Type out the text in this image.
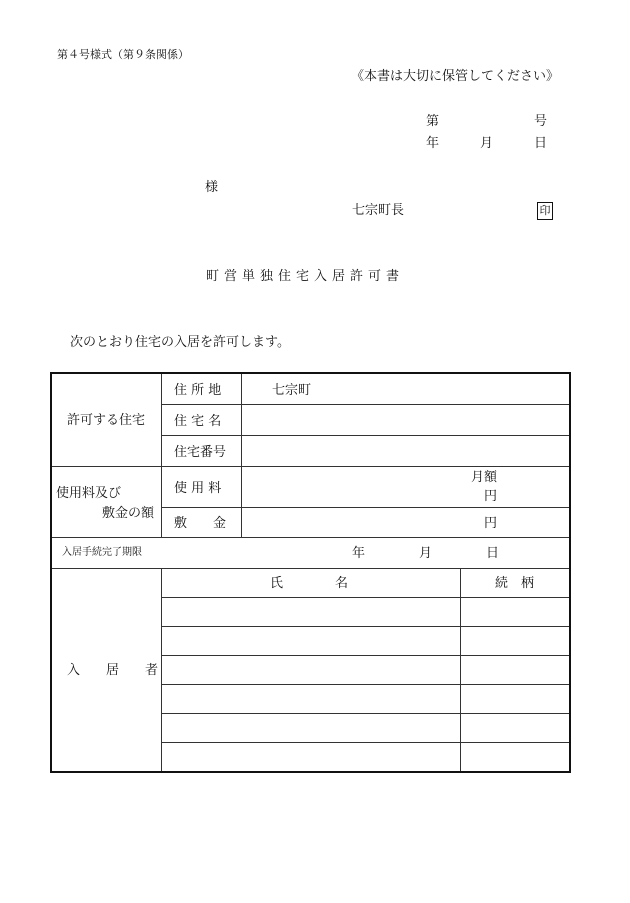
第４号様式（第９条関係）
《本書は大切に保管してください》
第	号
年	月	日
様
七宗町長	印
町営単独住宅入居許可書
次のとおり住宅の入居を許可します。
許可する住宅
住 所 地	七宗町
住 宅 名
住宅番号
使用料及び
敷金の額
使 用 料
月額
円
敷　　金	円
入居手続完了期限	年	月	日
入　　居　　者
氏　　　　名	続　柄
